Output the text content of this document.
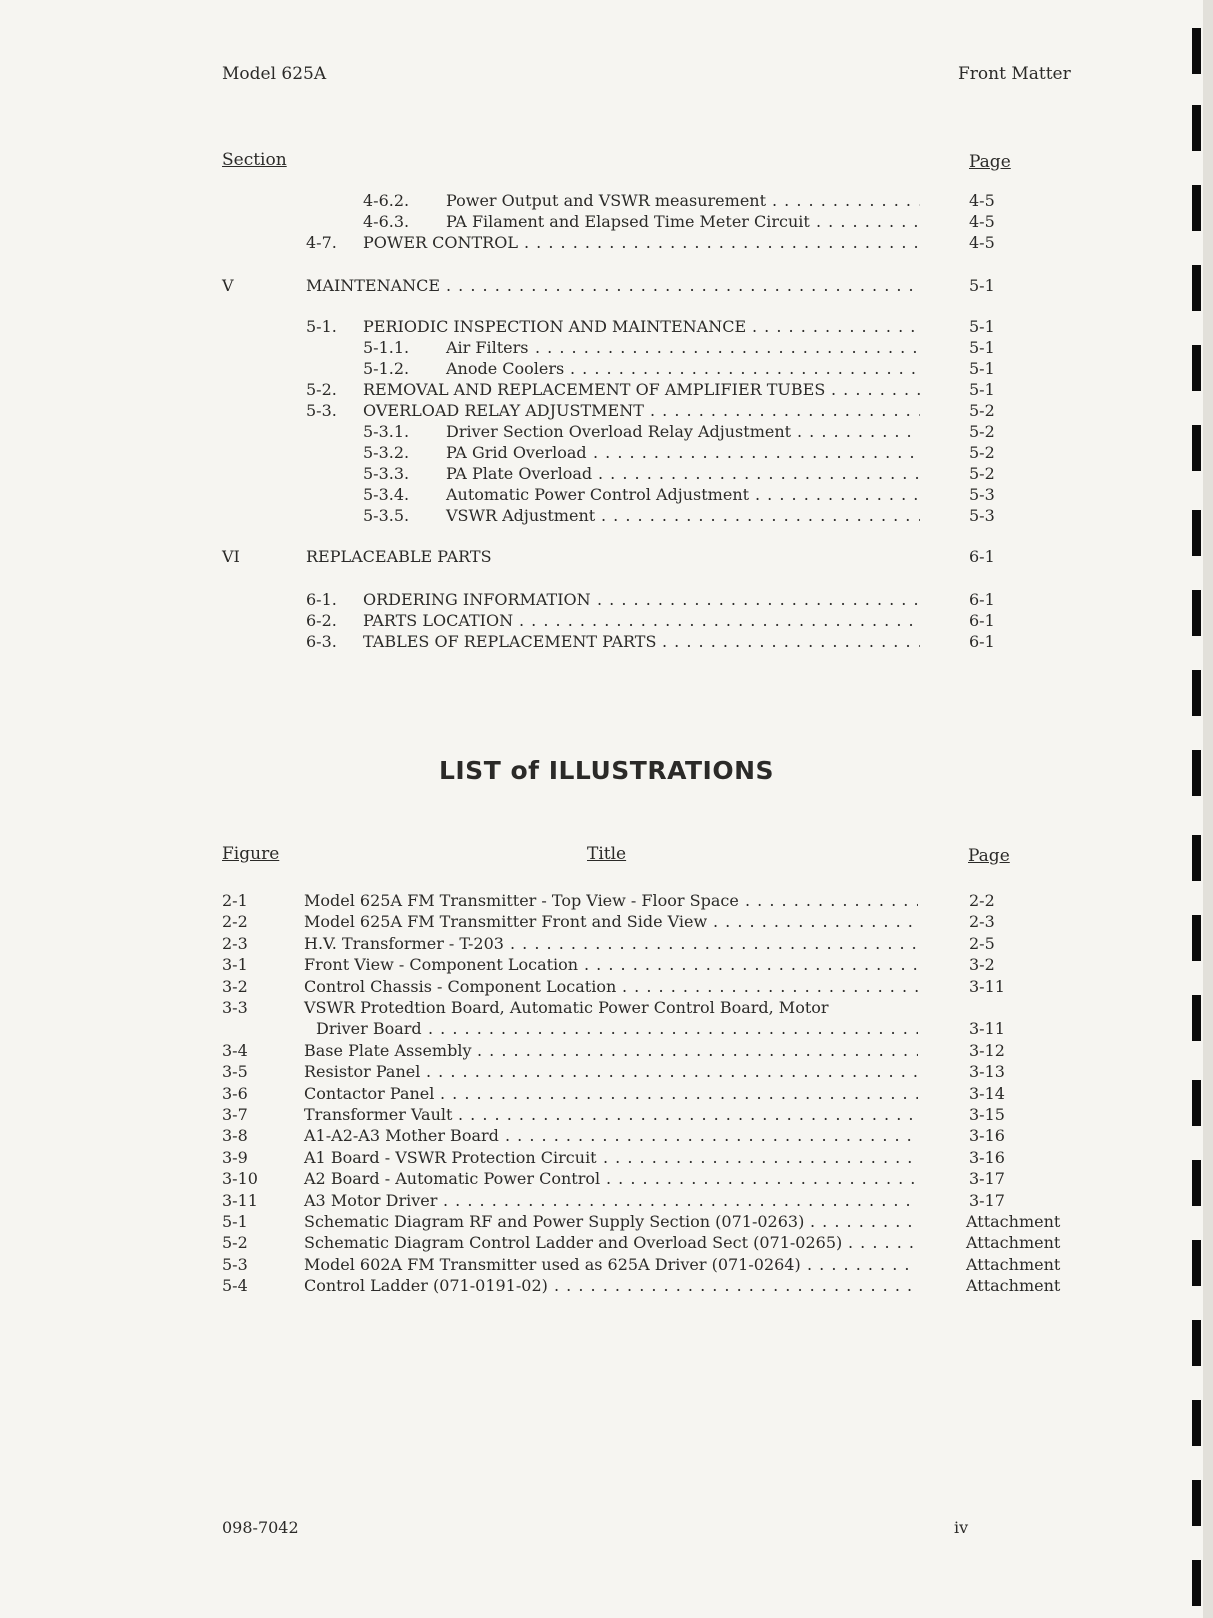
Model 625A	Front Matter
Section	Page
4-6.2. Power Output and VSWR measurement	4-5
. . .
4-6.3. PA Filament and Elapsed Time Meter Circuit	4-5
. . .
4-7. POWER CONTROL	4-5
. . .
V	MAINTENANCE	5-1
. . .
5-1. PERIODIC INSPECTION AND MAINTENANCE	5-1
. . .
5-1.1. Air Filters	5-1
. . .
5-1.2. Anode Coolers	5-1
. . .
5-2. REMOVAL AND REPLACEMENT OF AMPLIFIER TUBES	5-1
. . .
5-3. OVERLOAD RELAY ADJUSTMENT	5-2
. . .
5-3.1. Driver Section Overload Relay Adjustment	5-2
. . .
5-3.2. PA Grid Overload	5-2
. . .
5-3.3. PA Plate Overload	5-2
. . .
5-3.4. Automatic Power Control Adjustment	5-3
. . .
5-3.5. VSWR Adjustment	5-3
. . .
VI	REPLACEABLE PARTS	6-1
6-1. ORDERING INFORMATION	6-1
. . .
6-2. PARTS LOCATION	6-1
. . .
6-3. TABLES OF REPLACEMENT PARTS	6-1
. . .
LIST of ILLUSTRATIONS
Figure	Title	Page
2-1	Model 625A FM Transmitter - Top View - Floor Space	2-2
. . .
2-2	Model 625A FM Transmitter Front and Side View	2-3
. . .
2-3	H.V. Transformer - T-203	2-5
. . .
3-1	Front View - Component Location	3-2
. . .
3-2	Control Chassis - Component Location	3-11
. . .
3-3	VSWR Protedtion Board, Automatic Power Control Board, Motor
Driver Board	3-11
. . .
3-4	Base Plate Assembly	3-12
. . .
3-5	Resistor Panel	3-13
. . .
3-6	Contactor Panel	3-14
. . .
3-7	Transformer Vault	3-15
. . .
3-8	A1-A2-A3 Mother Board	3-16
. . .
3-9	A1 Board - VSWR Protection Circuit	3-16
. . .
3-10	A2 Board - Automatic Power Control	3-17
. . .
3-11	A3 Motor Driver	3-17
. . .
5-1	Schematic Diagram RF and Power Supply Section (071-0263)	Attachment
. . .
5-2	Schematic Diagram Control Ladder and Overload Sect (071-0265)	Attachment
. . .
5-3	Model 602A FM Transmitter used as 625A Driver (071-0264)	Attachment
. . .
5-4	Control Ladder (071-0191-02)	Attachment
. . .
098-7042	iv
